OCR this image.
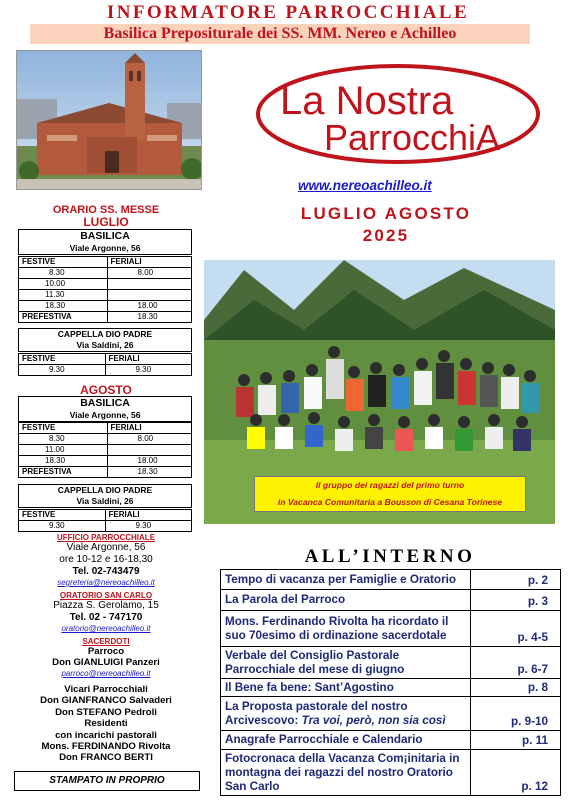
INFORMATORE PARROCCHIALE
Basilica Prepositurale dei SS. MM. Nereo e Achilleo
La Nostra
ParrocchiA
www.nereoachilleo.it
LUGLIO AGOSTO
2025
ORARIO SS. MESSE
LUGLIO
BASILICA
Viale Argonne, 56
FESTIVE	FERIALI
8.30	8.00
10.00	
11.30	
18.30	18.00
PREFESTIVA	18.30
CAPPELLA DIO PADRE
Via Saldini, 26
FESTIVE	FERIALI
9.30	9.30
AGOSTO
BASILICA
Viale Argonne, 56
FESTIVE	FERIALI
8.30	8.00
11.00	
18.30	18.00
PREFESTIVA	18.30
CAPPELLA DIO PADRE
Via Saldini, 26
FESTIVE	FERIALI
9.30	9.30
UFFICIO PARROCCHIALE
Viale Argonne, 56
ore 10-12 e 16-18,30
Tel. 02-743479
segreteria@nereoachilleo.it
ORATORIO SAN CARLO
Piazza S. Gerolamo, 15
Tel. 02 - 747170
oratorio@nereoachilleo.it
SACERDOTI
Parroco
Don GIANLUIGI Panzeri
parroco@nereoachilleo.it
Vicari Parrocchiali
Don GIANFRANCO Salvaderi
Don STEFANO Pedroli
Residenti
con incarichi pastorali
Mons. FERDINANDO Rivolta
Don FRANCO BERTI
STAMPATO IN PROPRIO
Il gruppo dei ragazzi del primo turno
in Vacanca Comunitaria a Bousson di Cesana Torinese
ALL’INTERNO
Tempo di vacanza per Famiglie e Oratorio	p. 2
La Parola del Parroco	p. 3
Mons. Ferdinando Rivolta ha ricordato il suo 70esimo di ordinazione sacerdotale	p. 4-5
Verbale del Consiglio Pastorale Parrocchiale del mese di giugno	p. 6-7
Il Bene fa bene: Sant’Agostino	p. 8
La Proposta pastorale del nostro Arcivescovo: Tra voi, però, non sia così	p. 9-10
Anagrafe Parrocchiale e Calendario	p. 11
Fotocronaca della Vacanza Com¡initaria in montagna dei ragazzi del nostro Oratorio San Carlo	p. 12
